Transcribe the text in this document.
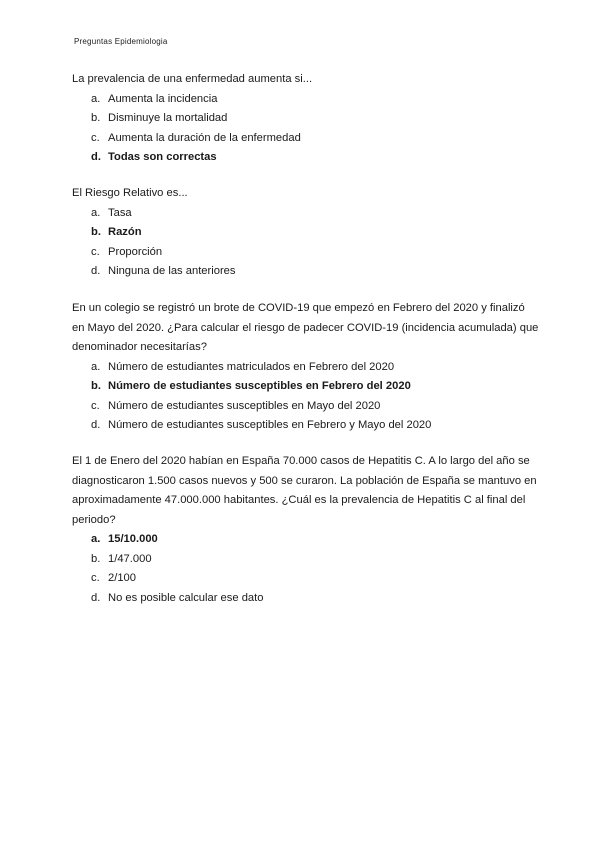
Preguntas Epidemiologia

La prevalencia de una enfermedad aumenta si...

a. Aumenta la incidencia
b. Disminuye la mortalidad
c. Aumenta la duración de la enfermedad
d. Todas son correctas

El Riesgo Relativo es...

a. Tasa
b. Razón
c. Proporción
d. Ninguna de las anteriores

En un colegio se registró un brote de COVID-19 que empezó en Febrero del 2020 y finalizó en Mayo del 2020. ¿Para calcular el riesgo de padecer COVID-19 (incidencia acumulada) que denominador necesitarías?

a. Número de estudiantes matriculados en Febrero del 2020
b. Número de estudiantes susceptibles en Febrero del 2020
c. Número de estudiantes susceptibles en Mayo del 2020
d. Número de estudiantes susceptibles en Febrero y Mayo del 2020

El 1 de Enero del 2020 habían en España 70.000 casos de Hepatitis C. A lo largo del año se diagnosticaron 1.500 casos nuevos y 500 se curaron. La población de España se mantuvo en aproximadamente 47.000.000 habitantes. ¿Cuál es la prevalencia de Hepatitis C al final del periodo?

a. 15/10.000
b. 1/47.000
c. 2/100
d. No es posible calcular ese dato
